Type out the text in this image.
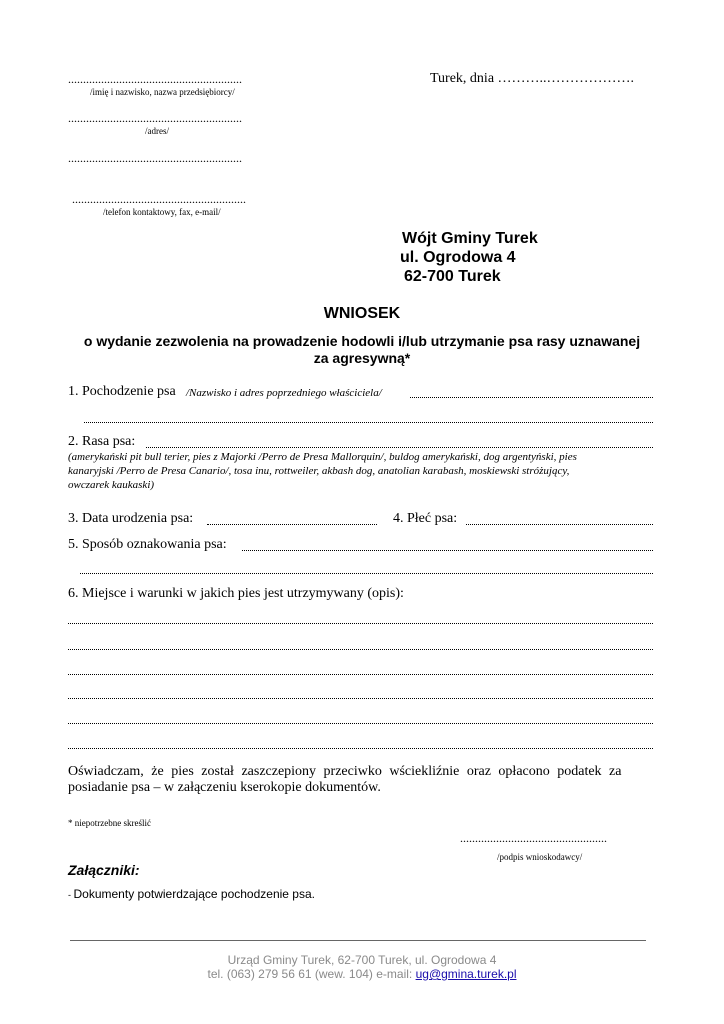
..........................................................
/imię i nazwisko, nazwa przedsiębiorcy/
Turek, dnia ………..……………….
..........................................................
/adres/
..........................................................
..........................................................
/telefon kontaktowy, fax, e-mail/
Wójt Gminy Turek
ul. Ogrodowa 4
62-700 Turek
WNIOSEK
o wydanie zezwolenia na prowadzenie hodowli i/lub utrzymanie psa rasy uznawanej
za agresywną*
1. Pochodzenie psa /Nazwisko i adres poprzedniego właściciela/
2. Rasa psa:
(amerykański pit bull terier, pies z Majorki /Perro de Presa Mallorquin/, buldog amerykański, dog argentyński, pies
kanaryjski /Perro de Presa Canario/, tosa inu, rottweiler, akbash dog, anatolian karabash, moskiewski stróżujący,
owczarek kaukaski)
3. Data urodzenia psa:	4. Płeć psa:
5. Sposób oznakowania psa:
6. Miejsce i warunki w jakich pies jest utrzymywany (opis):
Oświadczam, że pies został zaszczepiony przeciwko wściekliźnie oraz opłacono podatek za
posiadanie psa – w załączeniu kserokopie dokumentów.
* niepotrzebne skreślić
.................................................
/podpis wnioskodawcy/
Załączniki:
- Dokumenty potwierdzające pochodzenie psa.
Urząd Gminy Turek, 62-700 Turek, ul. Ogrodowa 4
tel. (063) 279 56 61 (wew. 104) e-mail: ug@gmina.turek.pl
